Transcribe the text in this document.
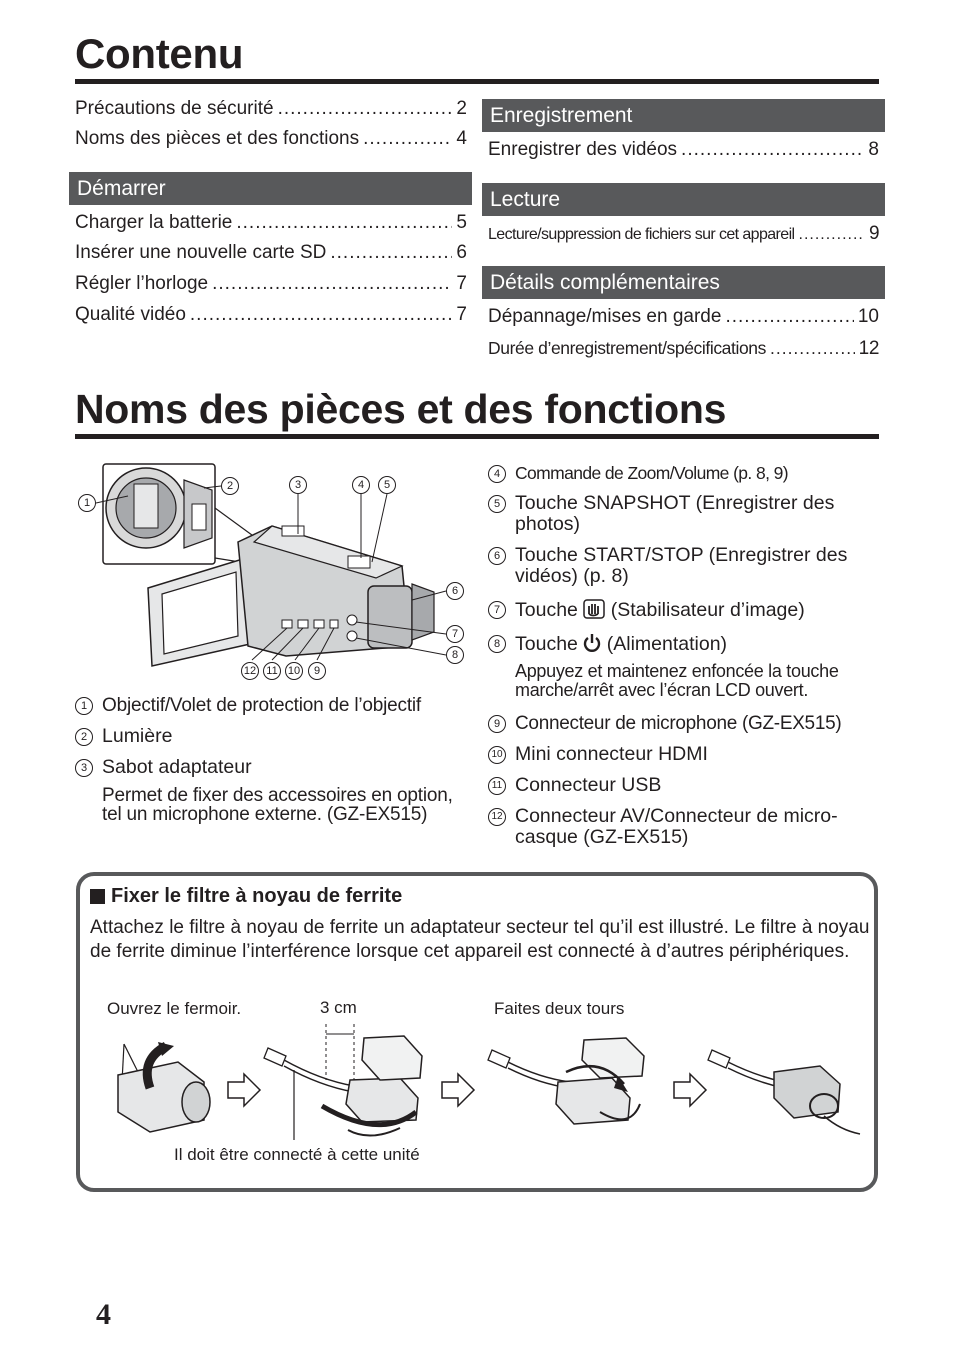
Contenu
Précautions de sécurité .....	2
Noms des pièces et des fonctions .....	4
Démarrer
Charger la batterie .....	5
Insérer une nouvelle carte SD .....	6
Régler l’horloge .....	7
Qualité vidéo .....	7
Enregistrement
Enregistrer des vidéos .....	8
Lecture
Lecture/suppression de fichiers sur cet appareil .....	9
Détails complémentaires
Dépannage/mises en garde .....	10
Durée d’enregistrement/spécifications .....	12
Noms des pièces et des fonctions
1
2	3	4	5
6
7
8
9
10
11
12
1 Objectif/Volet de protection de l’objectif
2 Lumière
3 Sabot adaptateur
Permet de fixer des accessoires en option, tel un microphone externe. (GZ-EX515)
4 Commande de Zoom/Volume (p. 8, 9)
5 Touche SNAPSHOT (Enregistrer des photos)
6 Touche START/STOP (Enregistrer des vidéos) (p. 8)
7 Touche (Stabilisateur d’image)
8 Touche (Alimentation)
Appuyez et maintenez enfoncée la touche marche/arrêt avec l’écran LCD ouvert.
9 Connecteur de microphone (GZ-EX515)
10 Mini connecteur HDMI
11 Connecteur USB
12 Connecteur AV/Connecteur de micro-casque (GZ-EX515)
Fixer le filtre à noyau de ferrite
Attachez le filtre à noyau de ferrite un adaptateur secteur tel qu’il est illustré. Le filtre à noyau de ferrite diminue l’interférence lorsque cet appareil est connecté à d’autres périphériques.
Ouvrez le fermoir.	3 cm	Faites deux tours
Il doit être connecté à cette unité
4
